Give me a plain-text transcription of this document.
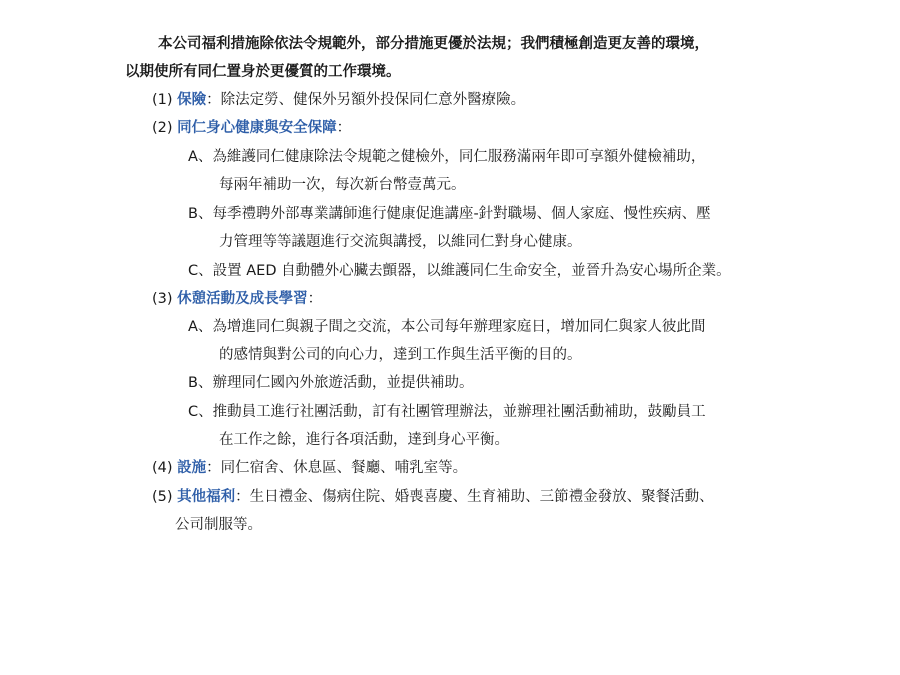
本公司福利措施除依法令規範外，部分措施更優於法規；我們積極創造更友善的環境，
以期使所有同仁置身於更優質的工作環境。
(1) 保險：除法定勞、健保外另額外投保同仁意外醫療險。
(2) 同仁身心健康與安全保障：
A、為維護同仁健康除法令規範之健檢外，同仁服務滿兩年即可享額外健檢補助，
每兩年補助一次，每次新台幣壹萬元。
B、每季禮聘外部專業講師進行健康促進講座-針對職場、個人家庭、慢性疾病、壓
力管理等等議題進行交流與講授，以維同仁對身心健康。
C、設置 AED 自動體外心臟去顫器，以維護同仁生命安全，並晉升為安心場所企業。
(3) 休憩活動及成長學習：
A、為增進同仁與親子間之交流，本公司每年辦理家庭日，增加同仁與家人彼此間
的感情與對公司的向心力，達到工作與生活平衡的目的。
B、辦理同仁國內外旅遊活動，並提供補助。
C、推動員工進行社團活動，訂有社團管理辦法，並辦理社團活動補助，鼓勵員工
在工作之餘，進行各項活動，達到身心平衡。
(4) 設施：同仁宿舍、休息區、餐廳、哺乳室等。
(5) 其他福利：生日禮金、傷病住院、婚喪喜慶、生育補助、三節禮金發放、聚餐活動、
公司制服等。
